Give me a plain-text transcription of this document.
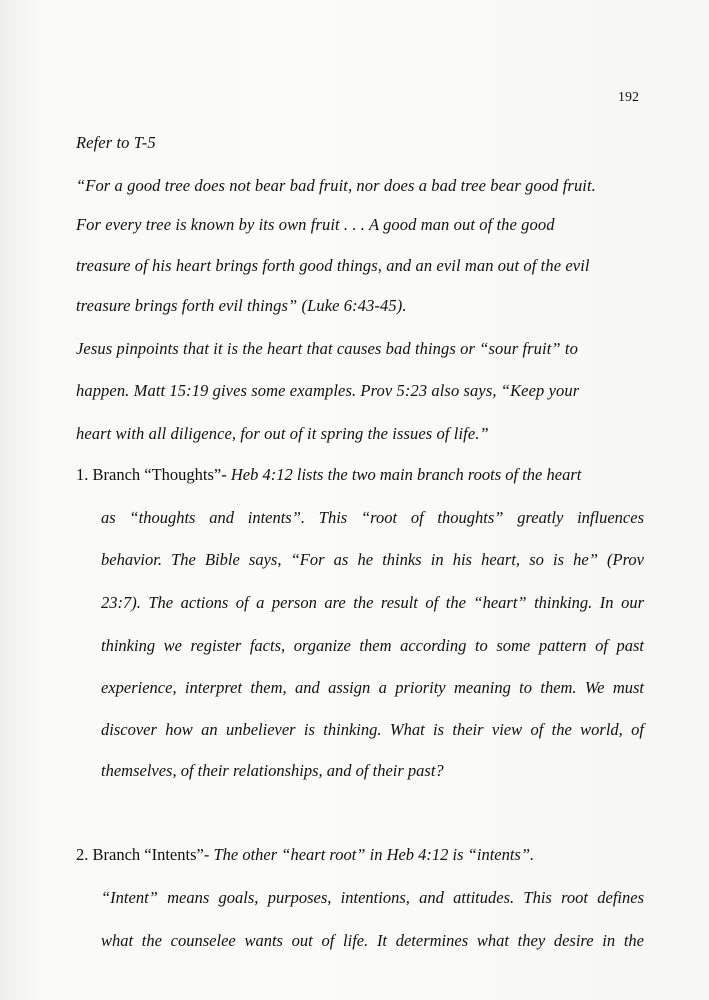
192
Refer to T-5
“For a good tree does not bear bad fruit, nor does a bad tree bear good fruit.
For every tree is known by its own fruit . . . A good man out of the good
treasure of his heart brings forth good things, and an evil man out of the evil
treasure brings forth evil things” (Luke 6:43-45).
Jesus pinpoints that it is the heart that causes bad things or “sour fruit” to
happen. Matt 15:19 gives some examples. Prov 5:23 also says, “Keep your
heart with all diligence, for out of it spring the issues of life.”
1. Branch “Thoughts”- Heb 4:12 lists the two main branch roots of the heart
as “thoughts and intents”. This “root of thoughts” greatly influences
behavior. The Bible says, “For as he thinks in his heart, so is he” (Prov
23:7). The actions of a person are the result of the “heart” thinking. In our
thinking we register facts, organize them according to some pattern of past
experience, interpret them, and assign a priority meaning to them. We must
discover how an unbeliever is thinking. What is their view of the world, of
themselves, of their relationships, and of their past?
2. Branch “Intents”- The other “heart root” in Heb 4:12 is “intents”.
“Intent” means goals, purposes, intentions, and attitudes. This root defines
what the counselee wants out of life. It determines what they desire in the
